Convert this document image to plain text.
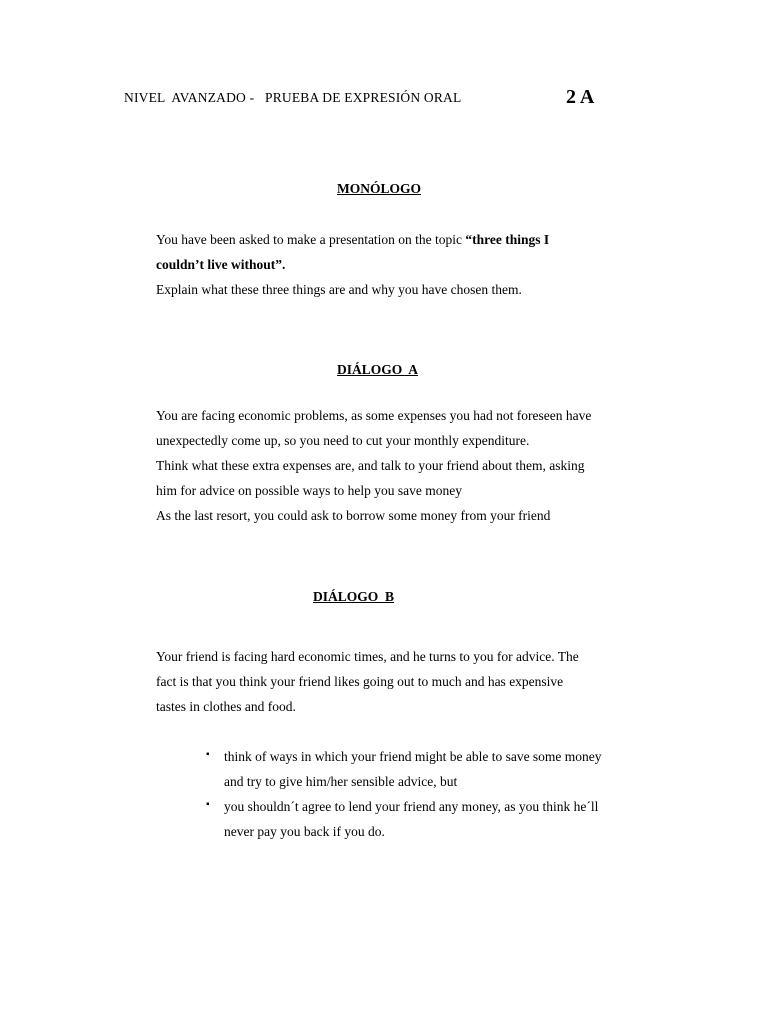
NIVEL  AVANZADO -   PRUEBA DE EXPRESIÓN ORAL	2 A
MONÓLOGO
You have been asked to make a presentation on the topic “three things I
couldn’t live without”.
Explain what these three things are and why you have chosen them.
DIÁLOGO  A
You are facing economic problems, as some expenses you had not foreseen have
unexpectedly come up, so you need to cut your monthly expenditure.
Think what these extra expenses are, and talk to your friend about them, asking
him for advice on possible ways to help you save money
As the last resort, you could ask to borrow some money from your friend
DIÁLOGO  B
Your friend is facing hard economic times, and he turns to you for advice. The
fact is that you think your friend likes going out to much and has expensive
tastes in clothes and food.
▪ think of ways in which your friend might be able to save some money
and try to give him/her sensible advice, but
▪ you shouldn´t agree to lend your friend any money, as you think he´ll
never pay you back if you do.
